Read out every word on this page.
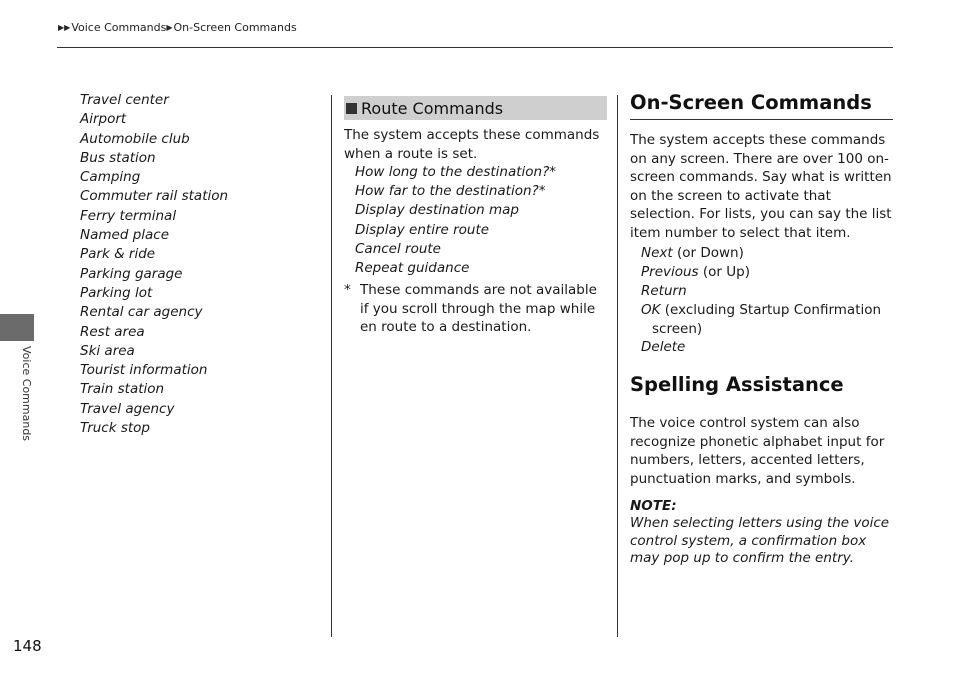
▶▶ Voice Commands ▶ On-Screen Commands
Voice Commands
148
Travel center
Airport
Automobile club
Bus station
Camping
Commuter rail station
Ferry terminal
Named place
Park & ride
Parking garage
Parking lot
Rental car agency
Rest area
Ski area
Tourist information
Train station
Travel agency
Truck stop
Route Commands

The system accepts these commands when a route is set.

How long to the destination?*
How far to the destination?*
Display destination map
Display entire route
Cancel route
Repeat guidance
* These commands are not available if you scroll through the map while en route to a destination.
On-Screen Commands

The system accepts these commands on any screen. There are over 100 on-screen commands. Say what is written on the screen to activate that selection. For lists, you can say the list item number to select that item.

Next (or Down)
Previous (or Up)
Return
OK (excluding Startup Confirmation
screen)
Delete
Spelling Assistance

The voice control system can also recognize phonetic alphabet input for numbers, letters, accented letters, punctuation marks, and symbols.

NOTE:
When selecting letters using the voice control system, a confirmation box may pop up to confirm the entry.
